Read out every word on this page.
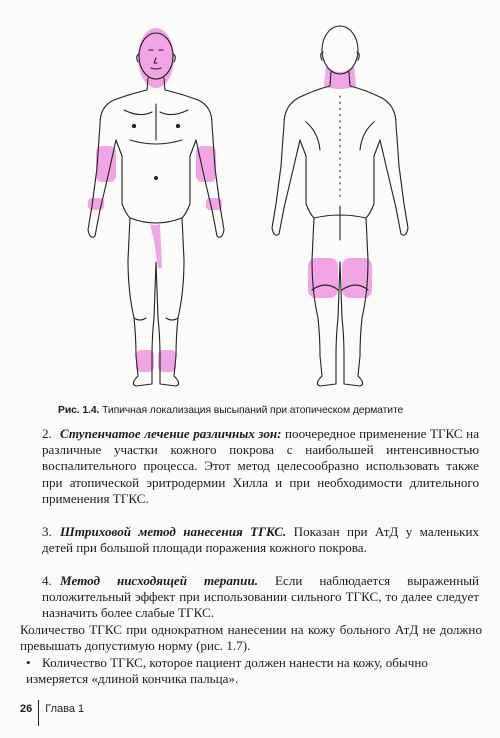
Рис. 1.4. Типичная локализация высыпаний при атопическом дерматите
2. Ступенчатое лечение различных зон: поочередное применение ТГКС на различные участки кожного покрова с наибольшей интенсивностью воспалительного процесса. Этот метод целесообразно использовать также при атопической эритродермии Хилла и при необходимости длительного применения ТГКС.
3. Штриховой метод нанесения ТГКС. Показан при АтД у маленьких детей при большой площади поражения кожного покрова.
4. Метод нисходящей терапии. Если наблюдается выраженный положительный эффект при использовании сильного ТГКС, то далее следует назначить более слабые ТГКС.
Количество ТГКС при однократном нанесении на кожу больного АтД не должно превышать допустимую норму (рис. 1.7).
• Количество ТГКС, которое пациент должен нанести на кожу, обычно измеряется «длиной кончика пальца».
26 Глава 1
